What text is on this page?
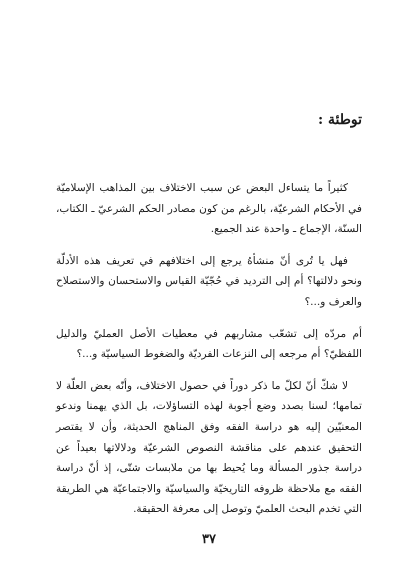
توطئة :

كثيراً ما يتساءل البعض عن سبب الاختلاف بين المذاهب الإسلاميّة في الأحكام الشرعيّة، بالرغم من كون مصادر الحكم الشرعيّ ـ الكتاب، السنّة، الإجماع ـ واحدة عند الجميع.

فهل يا تُرى أنّ منشأهُ يرجع إلى اختلافهم في تعريف هذه الأدلّة ونحو دلالتها؟ أم إلى الترديد في حُجّيّة القياس والاستحسان والاستصلاح والعرف و...؟

أم مردّه إلى تشعّب مشاربهم في معطيات الأصل العمليّ والدليل اللفظيّ؟ أم مرجعه إلى النزعات الفرديّة والضغوط السياسيّة و...؟

لا شكّ أنّ لكلّ ما ذكر دوراً في حصول الاختلاف، وأنّه بعض العلّة لا تمامها؛ لسنا بصدد وضع أجوبة لهذه التساؤلات، بل الذي يهمنا وندعو المعنيّين إليه هو دراسة الفقه وفق المناهج الحديثة، وأن لا يقتصر التحقيق عندهم على مناقشة النصوص الشرعيّة ودلالاتها بعيداً عن دراسة جذور المسألة وما يُحيط بها من ملابسات شتّى، إذ أنّ دراسة الفقه مع ملاحظة ظروفه التاريخيّة والسياسيّة والاجتماعيّة هي الطريقة التي تخدم البحث العلميّ وتوصل إلى معرفة الحقيقة.

٣٧
